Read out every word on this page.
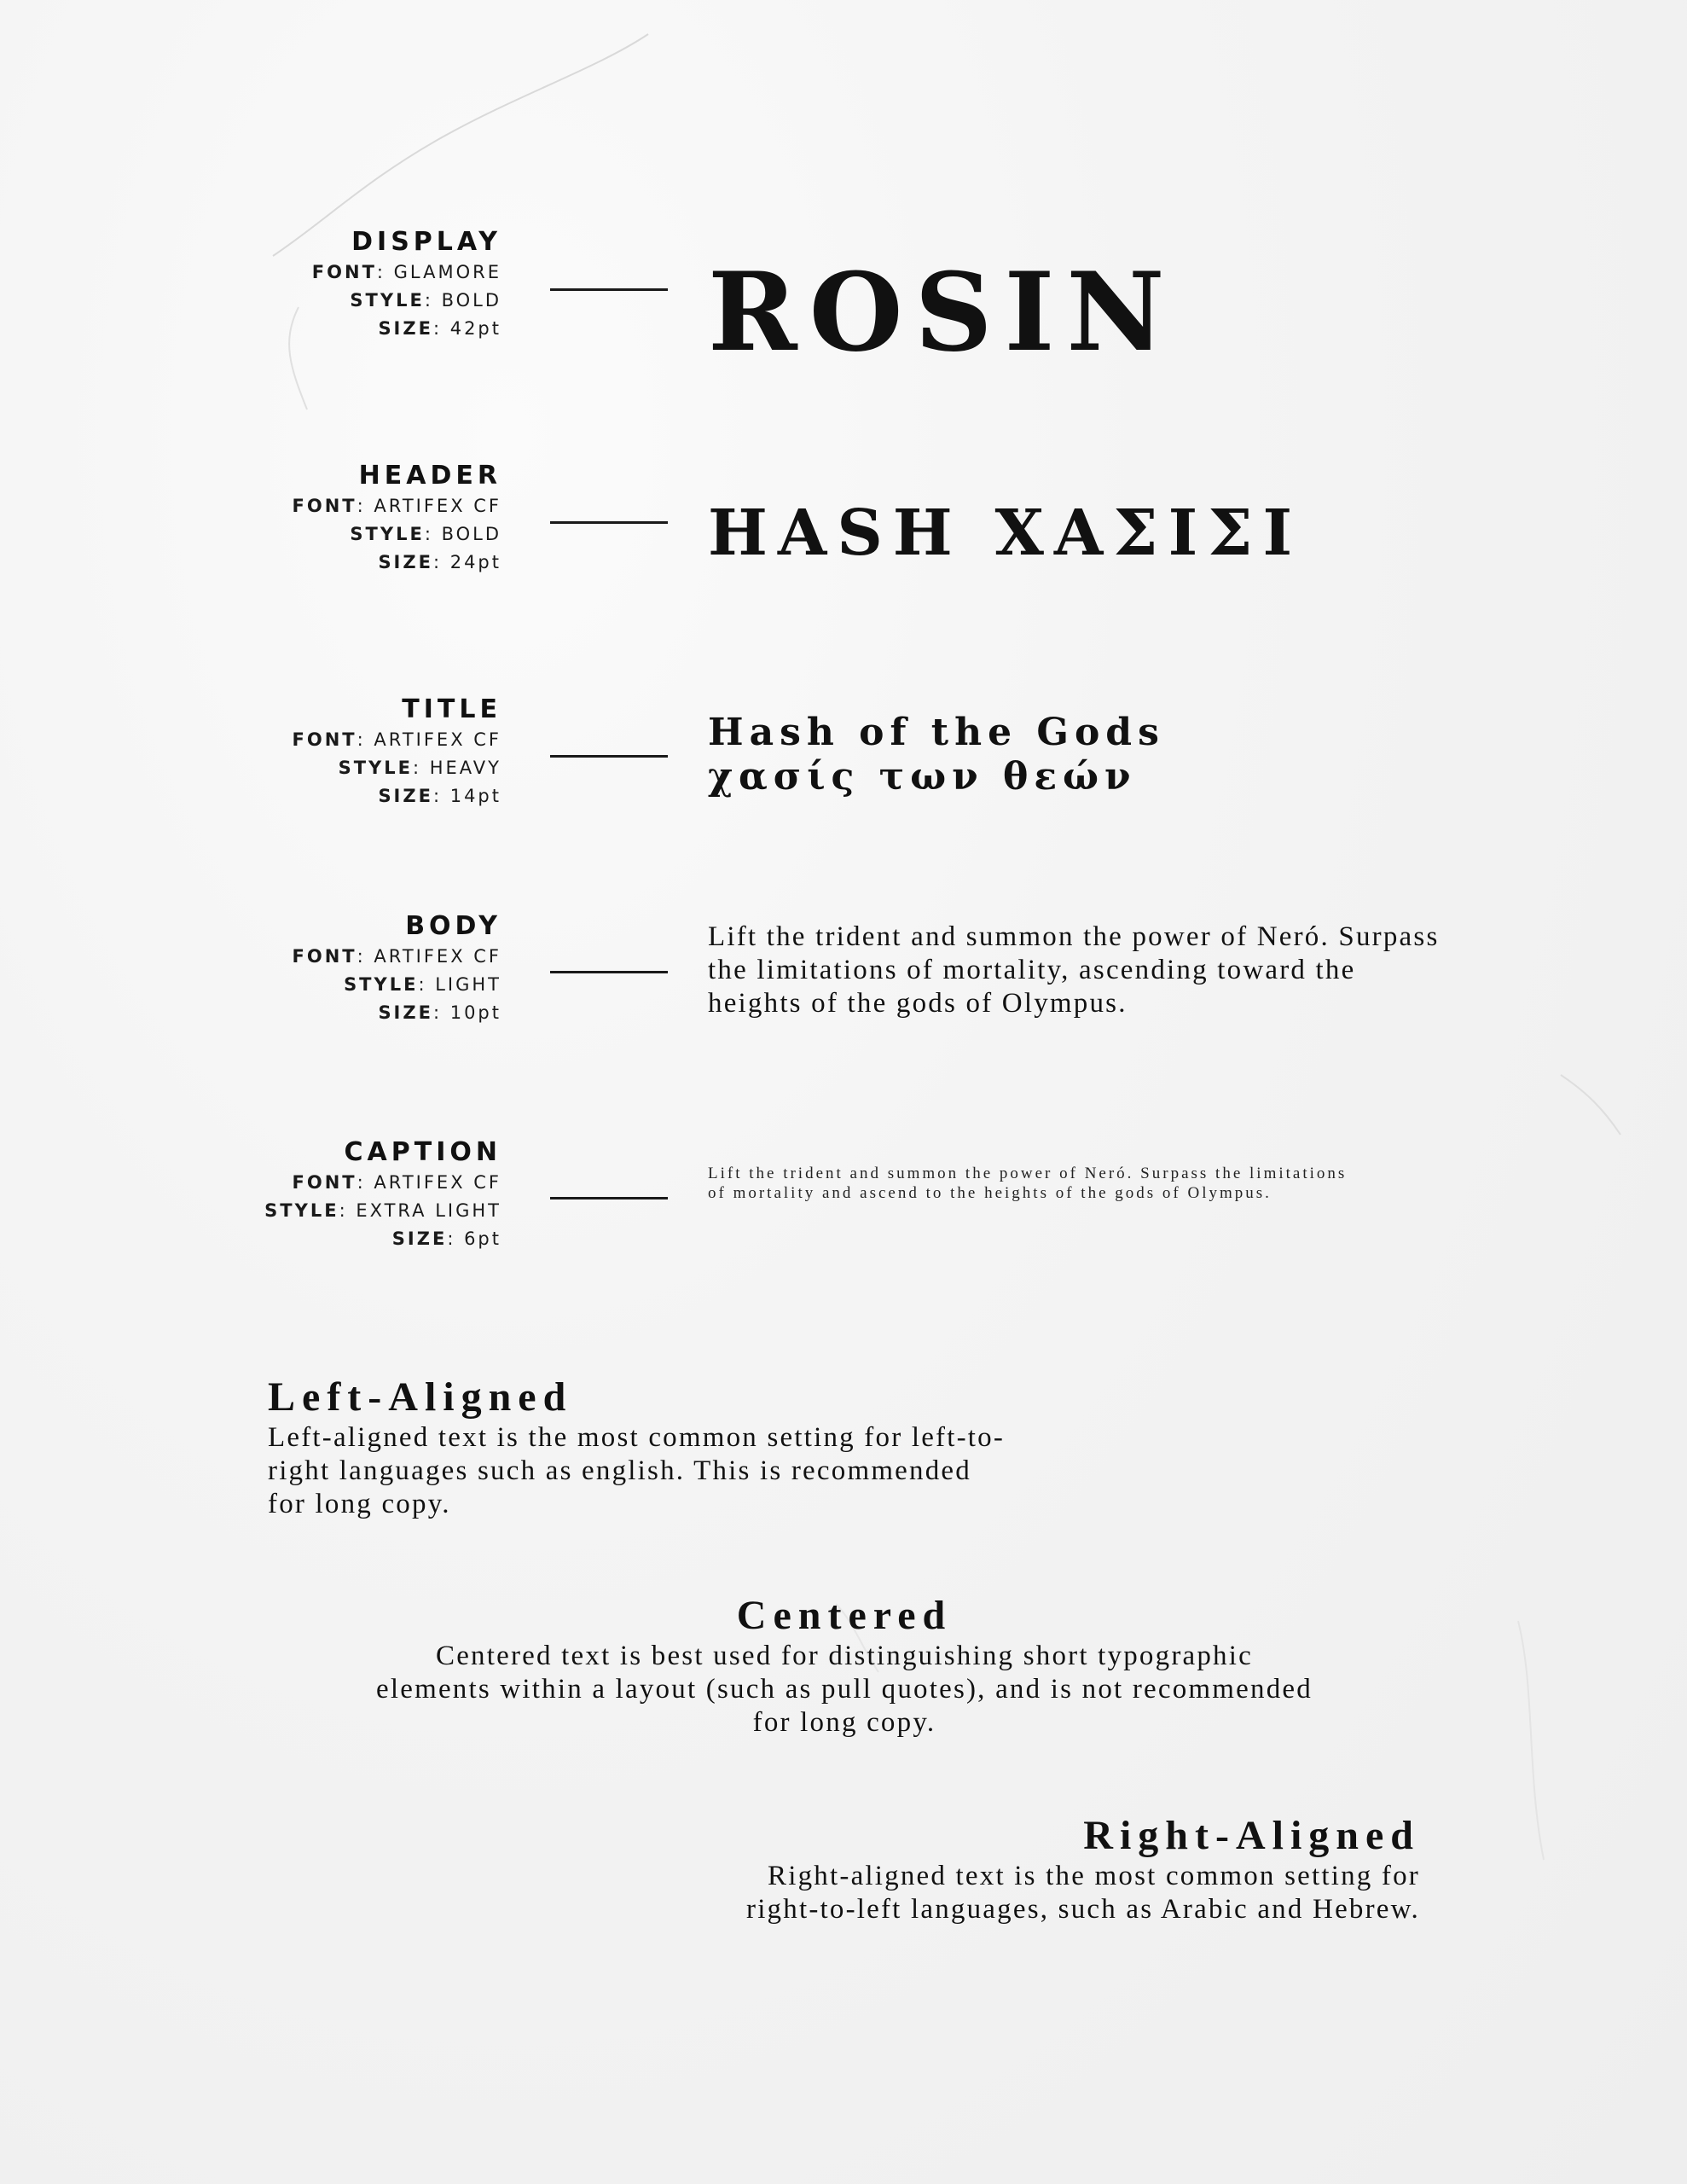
DISPLAY
FONT: GLAMORE
STYLE: BOLD
SIZE: 42pt ROSIN
HEADER
FONT: ARTIFEX CF
STYLE: BOLD
SIZE: 24pt	HASH ΧΑΣΙΣΙ
TITLE
FONT: ARTIFEX CF
STYLE: HEAVY
SIZE: 14pt
Hash of the Gods
χασίς των θεών
BODY
FONT: ARTIFEX CF
STYLE: LIGHT
SIZE: 10pt
Lift the trident and summon the power of Neró. Surpass the limitations of mortality, ascending toward the heights of the gods of Olympus.
CAPTION
FONT: ARTIFEX CF
STYLE: EXTRA LIGHT
SIZE: 6pt
Lift the trident and summon the power of Neró. Surpass the limitations of mortality and ascend to the heights of the gods of Olympus.
Left-Aligned
Left-aligned text is the most common setting for left-to-right languages such as english. This is recommended for long copy.
Centered
Centered text is best used for distinguishing short typographic elements within a layout (such as pull quotes), and is not recommended for long copy.
Right-Aligned
Right-aligned text is the most common setting for right-to-left languages, such as Arabic and Hebrew.
